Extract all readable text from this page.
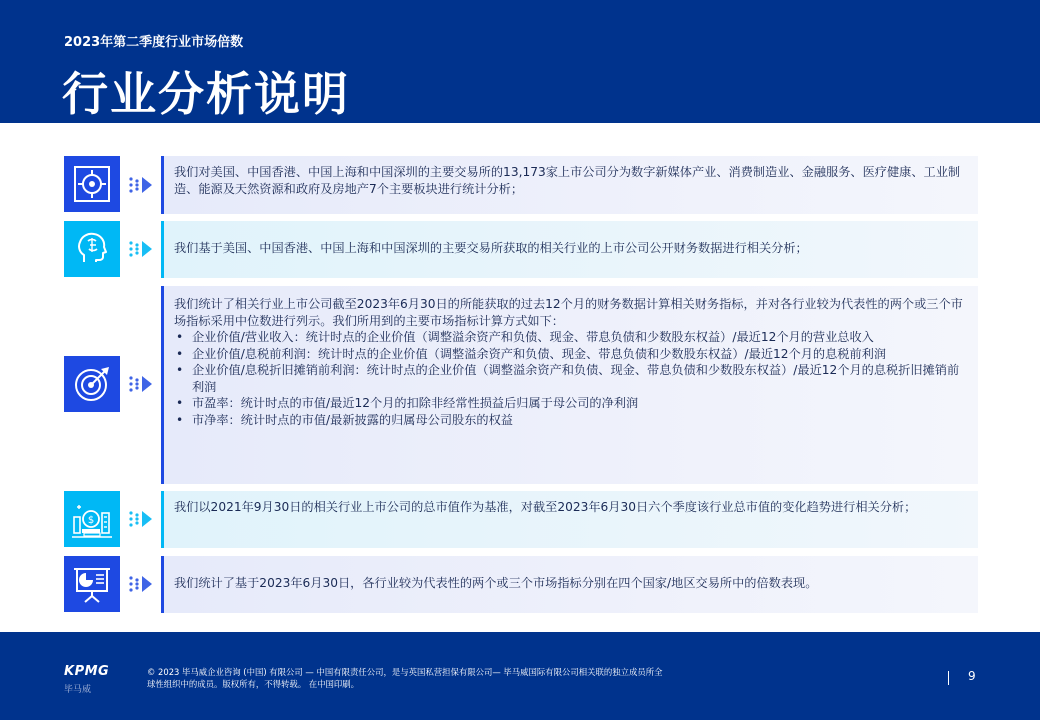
2023年第二季度行业市场倍数
行业分析说明
我们对美国、中国香港、中国上海和中国深圳的主要交易所的13,173家上市公司分为数字新媒体产业、消费制造业、金融服务、医疗健康、工业制造、能源及天然资源和政府及房地产7个主要板块进行统计分析；
我们基于美国、中国香港、中国上海和中国深圳的主要交易所获取的相关行业的上市公司公开财务数据进行相关分析；
我们统计了相关行业上市公司截至2023年6月30日的所能获取的过去12个月的财务数据计算相关财务指标，并对各行业较为代表性的两个或三个市场指标采用中位数进行列示。我们所用到的主要市场指标计算方式如下：
• 企业价值/营业收入：统计时点的企业价值（调整溢余资产和负债、现金、带息负债和少数股东权益）/最近12个月的营业总收入
• 企业价值/息税前利润：统计时点的企业价值（调整溢余资产和负债、现金、带息负债和少数股东权益）/最近12个月的息税前利润
• 企业价值/息税折旧摊销前利润：统计时点的企业价值（调整溢余资产和负债、现金、带息负债和少数股东权益）/最近12个月的息税折旧摊销前利润
• 市盈率：统计时点的市值/最近12个月的扣除非经常性损益后归属于母公司的净利润
• 市净率：统计时点的市值/最新披露的归属母公司股东的权益
$
我们以2021年9月30日的相关行业上市公司的总市值作为基准，对截至2023年6月30日六个季度该行业总市值的变化趋势进行相关分析；
我们统计了基于2023年6月30日，各行业较为代表性的两个或三个市场指标分别在四个国家/地区交易所中的倍数表现。
KPMG
毕马威
© 2023 毕马威企业咨询 (中国) 有限公司 — 中国有限责任公司，是与英国私营担保有限公司— 毕马威国际有限公司相关联的独立成员所全球性组织中的成员。版权所有，不得转载。 在中国印刷。
9
